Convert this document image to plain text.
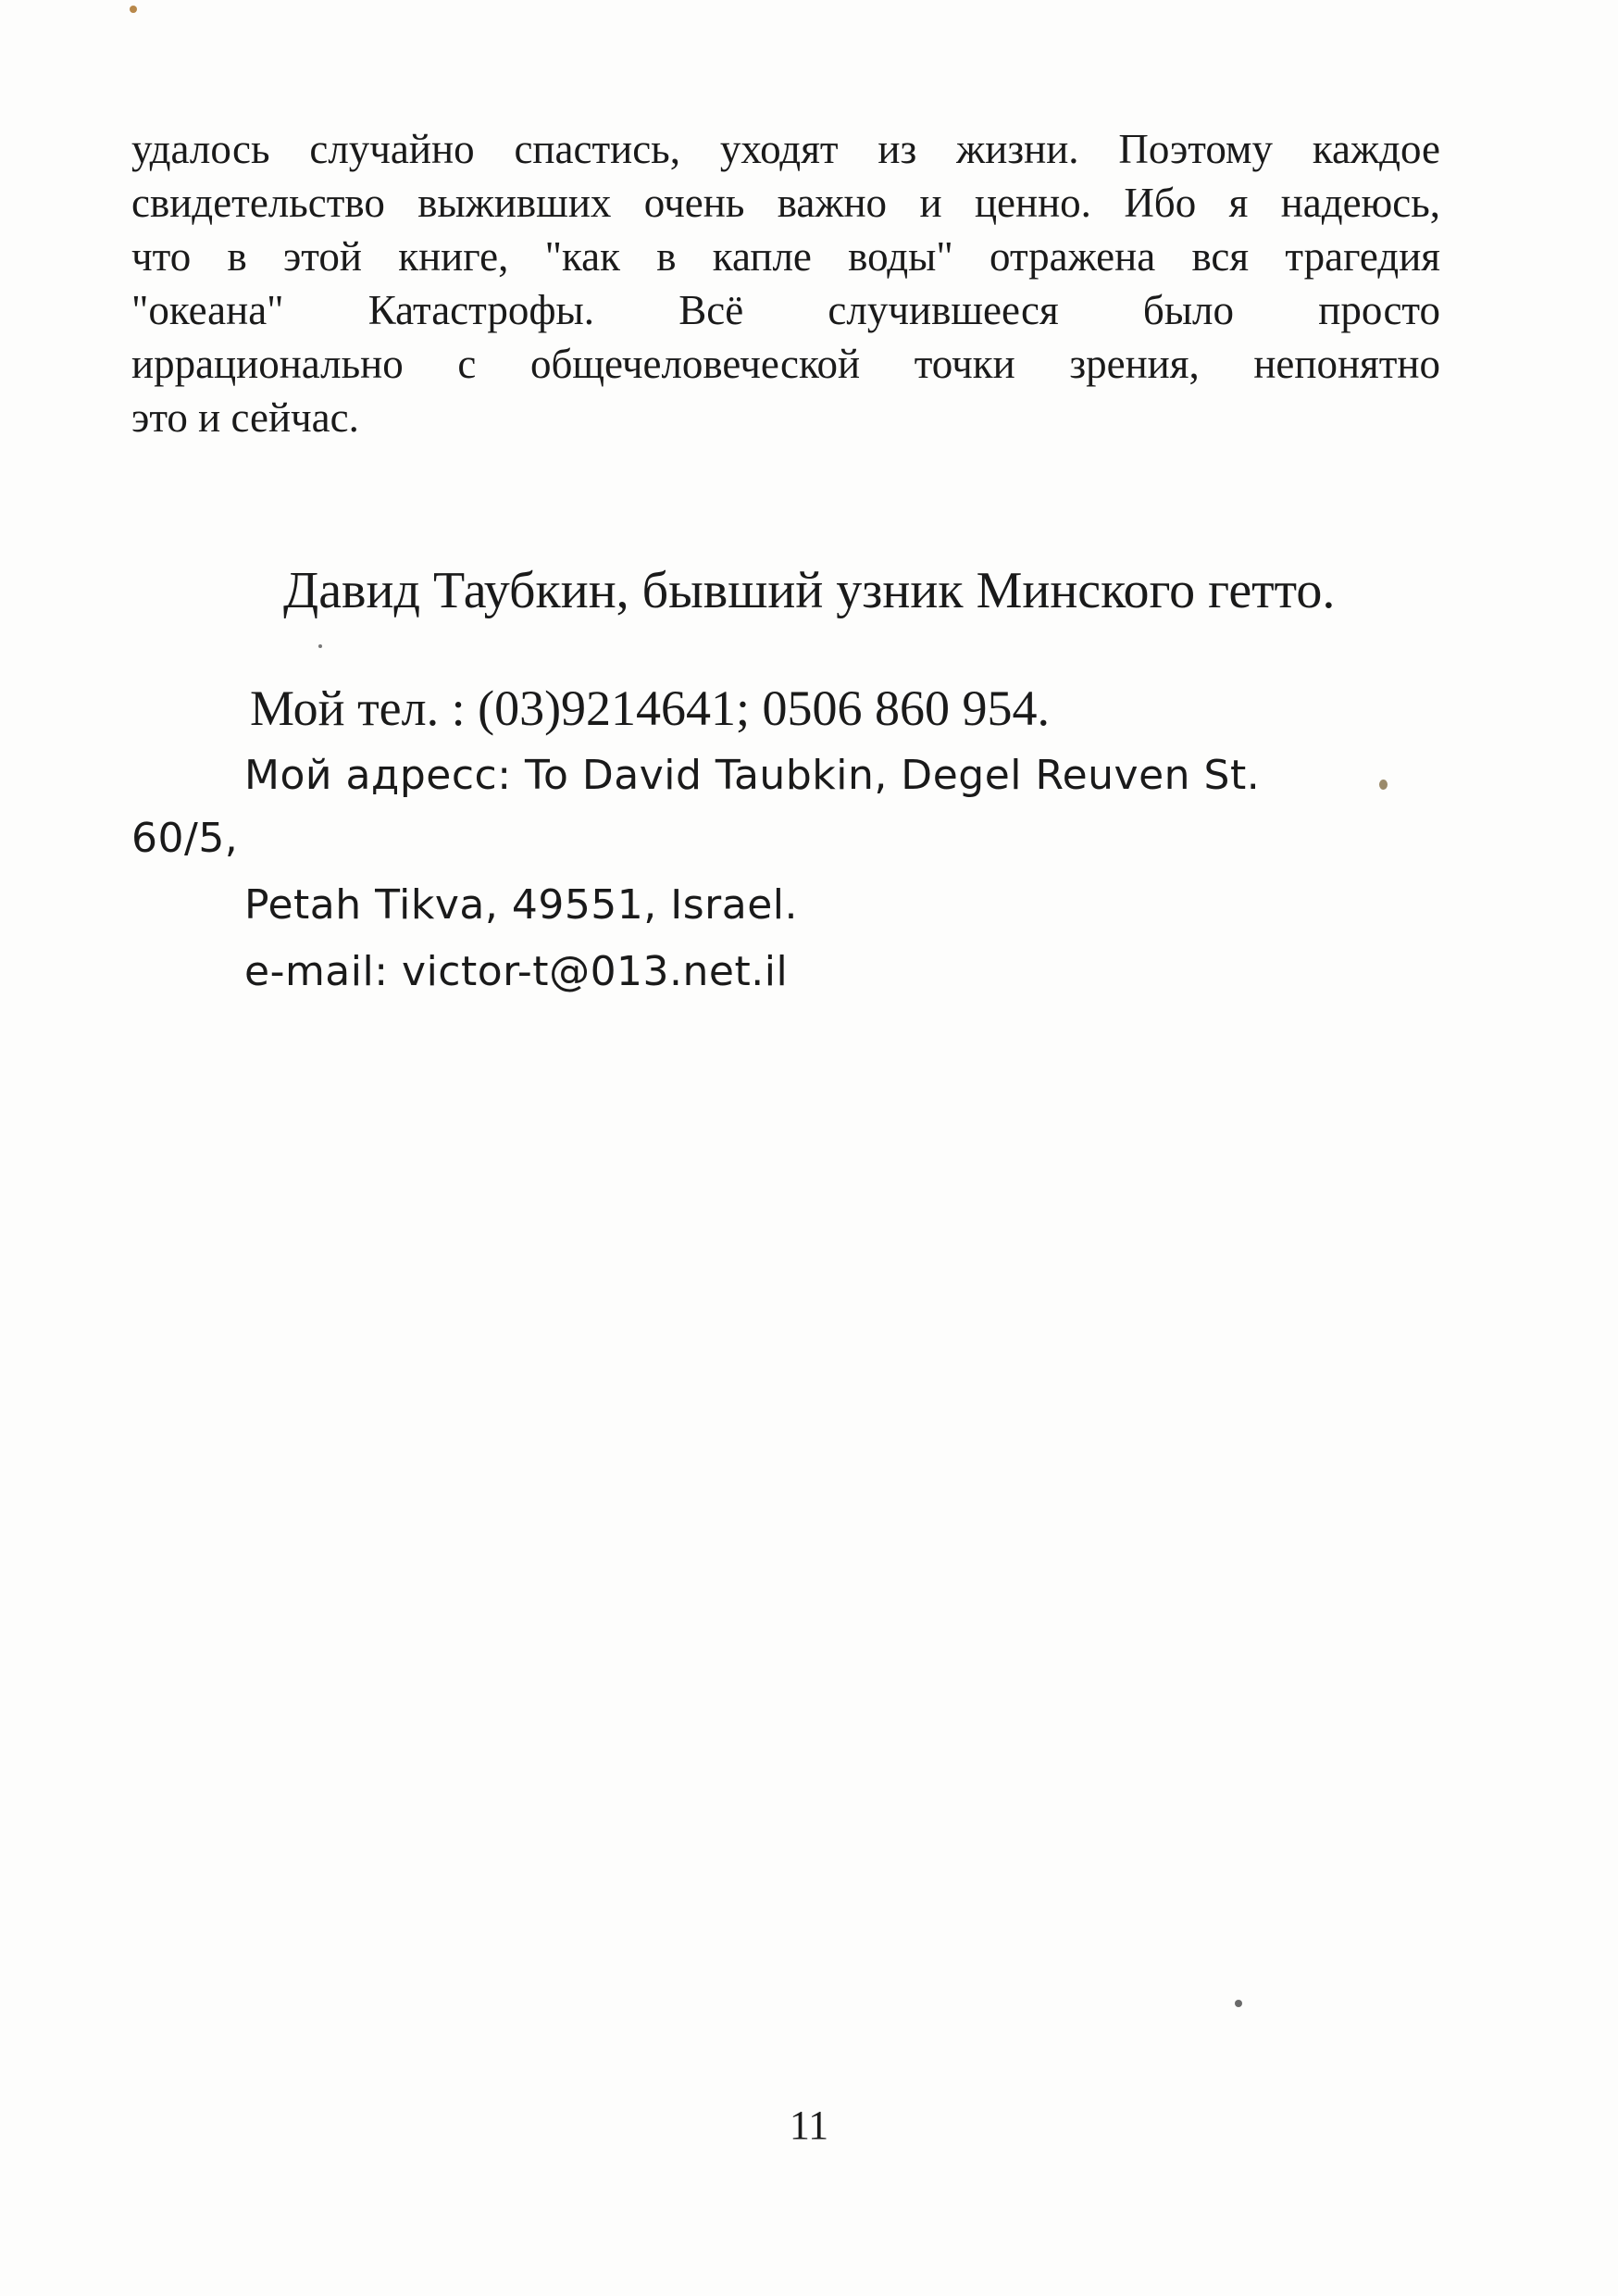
удалось случайно спастись, уходят из жизни. Поэтому каждое
свидетельство выживших очень важно и ценно. Ибо я надеюсь,
что в этой книге, "как в капле воды" отражена вся трагедия
"океана" Катастрофы. Всё случившееся было просто
иррационально с общечеловеческой точки зрения, непонятно
это и сейчас.
Давид Таубкин, бывший узник Минского гетто.
Мой тел. : (03)9214641; 0506 860 954.
Мой адресс: To David Taubkin, Degel Reuven St.
60/5,
Petah Tikva, 49551, Israel.
e-mail: victor-t@013.net.il
11
